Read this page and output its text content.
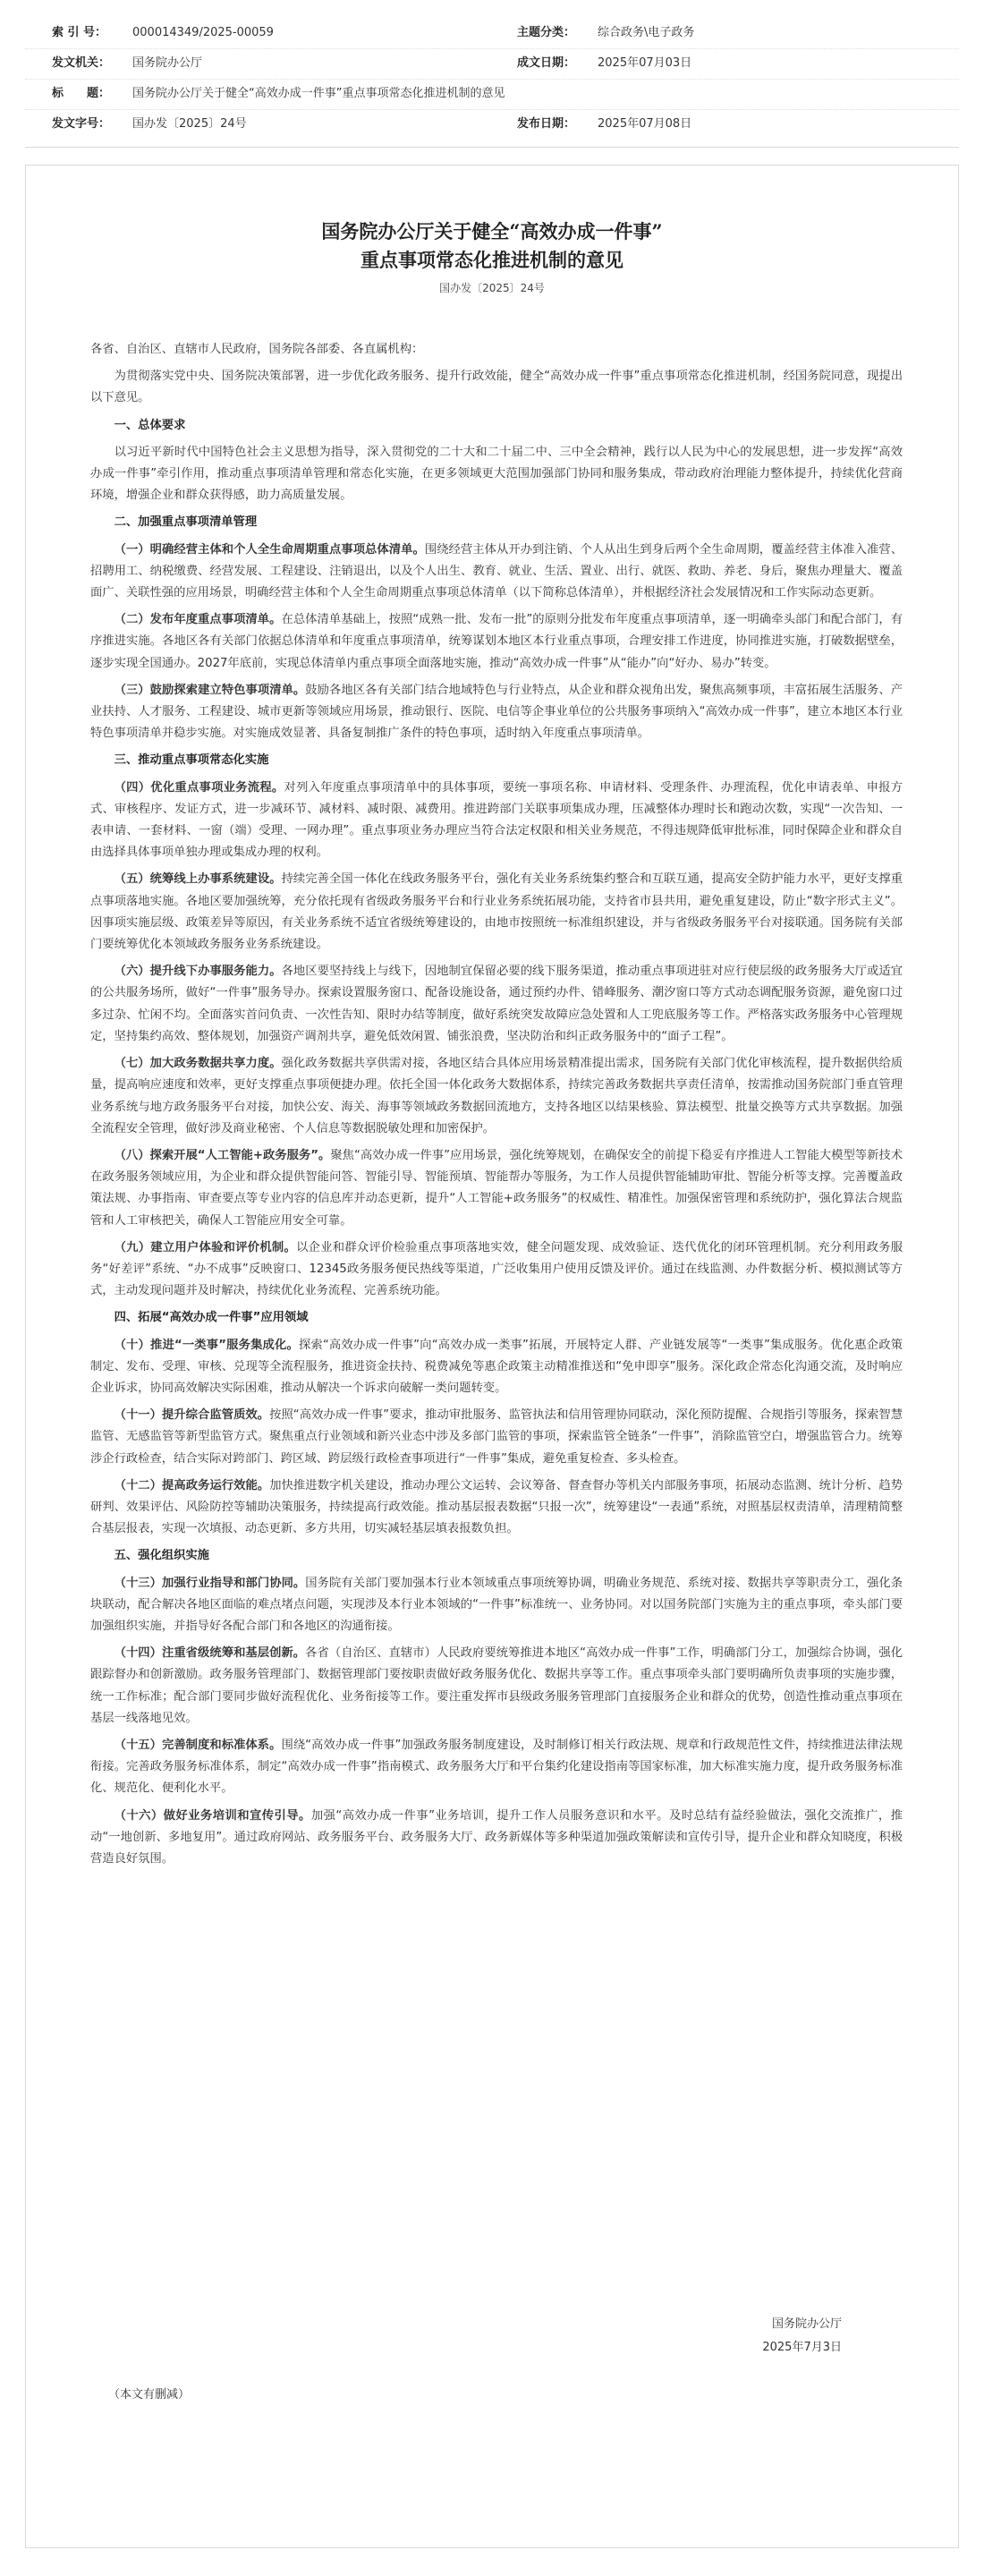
索 引 号：	000014349/2025-00059	主题分类：	综合政务\电子政务
发文机关：	国务院办公厅	成文日期：	2025年07月03日
标　　题：	国务院办公厅关于健全“高效办成一件事”重点事项常态化推进机制的意见
发文字号：	国办发〔2025〕24号	发布日期：	2025年07月08日
国务院办公厅关于健全“高效办成一件事”
重点事项常态化推进机制的意见
国办发〔2025〕24号

各省、自治区、直辖市人民政府，国务院各部委、各直属机构：

为贯彻落实党中央、国务院决策部署，进一步优化政务服务、提升行政效能，健全“高效办成一件事”重点事项常态化推进机制，经国务院同意，现提出以下意见。

一、总体要求

以习近平新时代中国特色社会主义思想为指导，深入贯彻党的二十大和二十届二中、三中全会精神，践行以人民为中心的发展思想，进一步发挥“高效办成一件事”牵引作用，推动重点事项清单管理和常态化实施，在更多领域更大范围加强部门协同和服务集成，带动政府治理能力整体提升，持续优化营商环境，增强企业和群众获得感，助力高质量发展。

二、加强重点事项清单管理

（一）明确经营主体和个人全生命周期重点事项总体清单。围绕经营主体从开办到注销、个人从出生到身后两个全生命周期，覆盖经营主体准入准营、招聘用工、纳税缴费、经营发展、工程建设、注销退出，以及个人出生、教育、就业、生活、置业、出行、就医、救助、养老、身后，聚焦办理量大、覆盖面广、关联性强的应用场景，明确经营主体和个人全生命周期重点事项总体清单（以下简称总体清单），并根据经济社会发展情况和工作实际动态更新。

（二）发布年度重点事项清单。在总体清单基础上，按照“成熟一批、发布一批”的原则分批发布年度重点事项清单，逐一明确牵头部门和配合部门，有序推进实施。各地区各有关部门依据总体清单和年度重点事项清单，统筹谋划本地区本行业重点事项，合理安排工作进度，协同推进实施，打破数据壁垒，逐步实现全国通办。2027年底前，实现总体清单内重点事项全面落地实施，推动“高效办成一件事”从“能办”向“好办、易办”转变。

（三）鼓励探索建立特色事项清单。鼓励各地区各有关部门结合地域特色与行业特点，从企业和群众视角出发，聚焦高频事项，丰富拓展生活服务、产业扶持、人才服务、工程建设、城市更新等领域应用场景，推动银行、医院、电信等企事业单位的公共服务事项纳入“高效办成一件事”，建立本地区本行业特色事项清单并稳步实施。对实施成效显著、具备复制推广条件的特色事项，适时纳入年度重点事项清单。

三、推动重点事项常态化实施

（四）优化重点事项业务流程。对列入年度重点事项清单中的具体事项，要统一事项名称、申请材料、受理条件、办理流程，优化申请表单、申报方式、审核程序、发证方式，进一步减环节、减材料、减时限、减费用。推进跨部门关联事项集成办理，压减整体办理时长和跑动次数，实现“一次告知、一表申请、一套材料、一窗（端）受理、一网办理”。重点事项业务办理应当符合法定权限和相关业务规范，不得违规降低审批标准，同时保障企业和群众自由选择具体事项单独办理或集成办理的权利。

（五）统筹线上办事系统建设。持续完善全国一体化在线政务服务平台，强化有关业务系统集约整合和互联互通，提高安全防护能力水平，更好支撑重点事项落地实施。各地区要加强统筹，充分依托现有省级政务服务平台和行业业务系统拓展功能，支持省市县共用，避免重复建设，防止“数字形式主义”。因事项实施层级、政策差异等原因，有关业务系统不适宜省级统筹建设的，由地市按照统一标准组织建设，并与省级政务服务平台对接联通。国务院有关部门要统筹优化本领域政务服务业务系统建设。

（六）提升线下办事服务能力。各地区要坚持线上与线下，因地制宜保留必要的线下服务渠道，推动重点事项进驻对应行使层级的政务服务大厅或适宜的公共服务场所，做好“一件事”服务导办。探索设置服务窗口、配备设施设备，通过预约办件、错峰服务、潮汐窗口等方式动态调配服务资源，避免窗口过多过杂、忙闲不均。全面落实首问负责、一次性告知、限时办结等制度，做好系统突发故障应急处置和人工兜底服务等工作。严格落实政务服务中心管理规定，坚持集约高效、整体规划，加强资产调剂共享，避免低效闲置、铺张浪费，坚决防治和纠正政务服务中的“面子工程”。

（七）加大政务数据共享力度。强化政务数据共享供需对接，各地区结合具体应用场景精准提出需求，国务院有关部门优化审核流程，提升数据供给质量，提高响应速度和效率，更好支撑重点事项便捷办理。依托全国一体化政务大数据体系，持续完善政务数据共享责任清单，按需推动国务院部门垂直管理业务系统与地方政务服务平台对接，加快公安、海关、海事等领域政务数据回流地方，支持各地区以结果核验、算法模型、批量交换等方式共享数据。加强全流程安全管理，做好涉及商业秘密、个人信息等数据脱敏处理和加密保护。

（八）探索开展“人工智能+政务服务”。聚焦“高效办成一件事”应用场景，强化统筹规划，在确保安全的前提下稳妥有序推进人工智能大模型等新技术在政务服务领域应用，为企业和群众提供智能问答、智能引导、智能预填、智能帮办等服务，为工作人员提供智能辅助审批、智能分析等支撑。完善覆盖政策法规、办事指南、审查要点等专业内容的信息库并动态更新，提升“人工智能+政务服务”的权威性、精准性。加强保密管理和系统防护，强化算法合规监管和人工审核把关，确保人工智能应用安全可靠。

（九）建立用户体验和评价机制。以企业和群众评价检验重点事项落地实效，健全问题发现、成效验证、迭代优化的闭环管理机制。充分利用政务服务“好差评”系统、“办不成事”反映窗口、12345政务服务便民热线等渠道，广泛收集用户使用反馈及评价。通过在线监测、办件数据分析、模拟测试等方式，主动发现问题并及时解决，持续优化业务流程、完善系统功能。

四、拓展“高效办成一件事”应用领域

（十）推进“一类事”服务集成化。探索“高效办成一件事”向“高效办成一类事”拓展，开展特定人群、产业链发展等“一类事”集成服务。优化惠企政策制定、发布、受理、审核、兑现等全流程服务，推进资金扶持、税费减免等惠企政策主动精准推送和“免申即享”服务。深化政企常态化沟通交流，及时响应企业诉求，协同高效解决实际困难，推动从解决一个诉求向破解一类问题转变。

（十一）提升综合监管质效。按照“高效办成一件事”要求，推动审批服务、监管执法和信用管理协同联动，深化预防提醒、合规指引等服务，探索智慧监管、无感监管等新型监管方式。聚焦重点行业领域和新兴业态中涉及多部门监管的事项，探索监管全链条“一件事”，消除监管空白，增强监管合力。统筹涉企行政检查，结合实际对跨部门、跨区域、跨层级行政检查事项进行“一件事”集成，避免重复检查、多头检查。

（十二）提高政务运行效能。加快推进数字机关建设，推动办理公文运转、会议筹备、督查督办等机关内部服务事项，拓展动态监测、统计分析、趋势研判、效果评估、风险防控等辅助决策服务，持续提高行政效能。推动基层报表数据“只报一次”，统筹建设“一表通”系统，对照基层权责清单，清理精简整合基层报表，实现一次填报、动态更新、多方共用，切实减轻基层填表报数负担。

五、强化组织实施

（十三）加强行业指导和部门协同。国务院有关部门要加强本行业本领域重点事项统筹协调，明确业务规范、系统对接、数据共享等职责分工，强化条块联动，配合解决各地区面临的难点堵点问题，实现涉及本行业本领域的“一件事”标准统一、业务协同。对以国务院部门实施为主的重点事项，牵头部门要加强组织实施，并指导好各配合部门和各地区的沟通衔接。

（十四）注重省级统筹和基层创新。各省（自治区、直辖市）人民政府要统筹推进本地区“高效办成一件事”工作，明确部门分工，加强综合协调，强化跟踪督办和创新激励。政务服务管理部门、数据管理部门要按职责做好政务服务优化、数据共享等工作。重点事项牵头部门要明确所负责事项的实施步骤，统一工作标准；配合部门要同步做好流程优化、业务衔接等工作。要注重发挥市县级政务服务管理部门直接服务企业和群众的优势，创造性推动重点事项在基层一线落地见效。

（十五）完善制度和标准体系。围绕“高效办成一件事”加强政务服务制度建设，及时制修订相关行政法规、规章和行政规范性文件，持续推进法律法规衔接。完善政务服务标准体系，制定“高效办成一件事”指南模式、政务服务大厅和平台集约化建设指南等国家标准，加大标准实施力度，提升政务服务标准化、规范化、便利化水平。

（十六）做好业务培训和宣传引导。加强“高效办成一件事”业务培训，提升工作人员服务意识和水平。及时总结有益经验做法，强化交流推广，推动“一地创新、多地复用”。通过政府网站、政务服务平台、政务服务大厅、政务新媒体等多种渠道加强政策解读和宣传引导，提升企业和群众知晓度，积极营造良好氛围。

国务院办公厅
2025年7月3日
（本文有删减）
